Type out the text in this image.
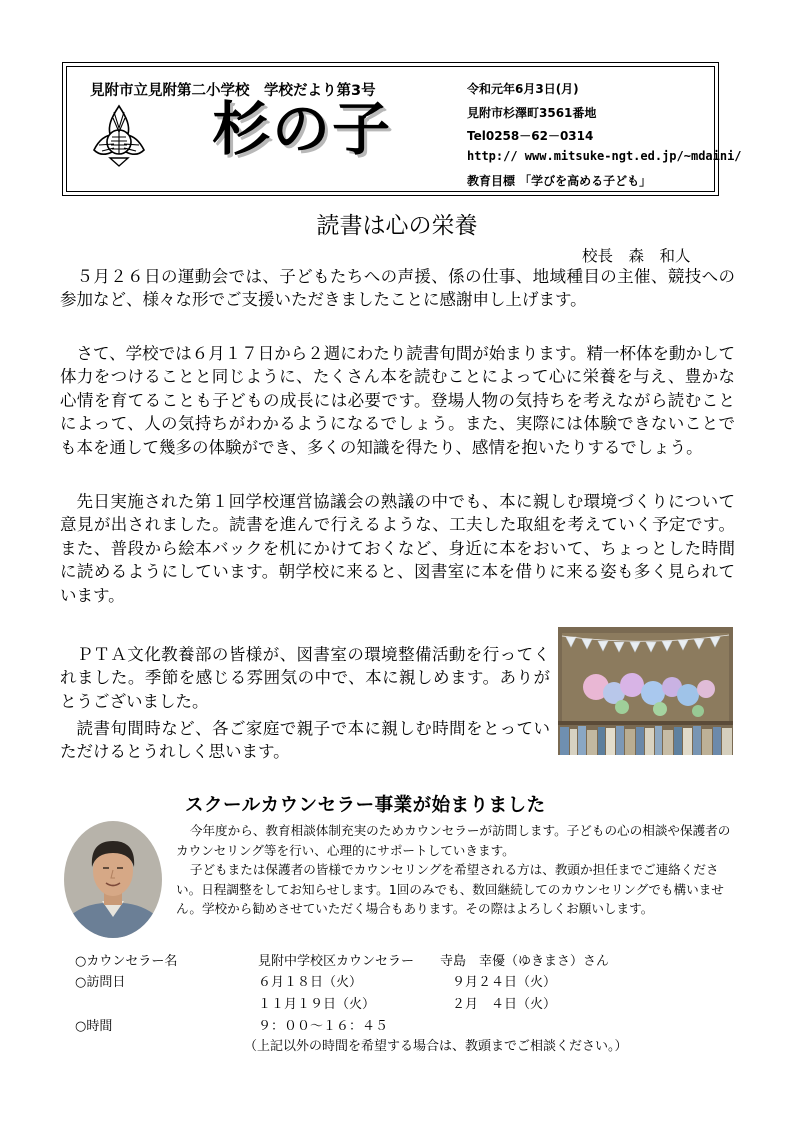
見附市立見附第二小学校　学校だより第3号
杉の子
令和元年6月3日(月)
見附市杉澤町3561番地
Tel0258－62－0314
http:// www.mitsuke-ngt.ed.jp/~mdaini/
教育目標 「学びを高める子ども」
読書は心の栄養
校長　森　和人

５月２６日の運動会では、子どもたちへの声援、係の仕事、地域種目の主催、競技への参加など、様々な形でご支援いただきましたことに感謝申し上げます。

さて、学校では６月１７日から２週にわたり読書旬間が始まります。精一杯体を動かして体力をつけることと同じように、たくさん本を読むことによって心に栄養を与え、豊かな心情を育てることも子どもの成長には必要です。登場人物の気持ちを考えながら読むことによって、人の気持ちがわかるようになるでしょう。また、実際には体験できないことでも本を通して幾多の体験ができ、多くの知識を得たり、感情を抱いたりするでしょう。

先日実施された第１回学校運営協議会の熟議の中でも、本に親しむ環境づくりについて意見が出されました。読書を進んで行えるような、工夫した取組を考えていく予定です。また、普段から絵本バックを机にかけておくなど、身近に本をおいて、ちょっとした時間に読めるようにしています。朝学校に来ると、図書室に本を借りに来る姿も多く見られています。

ＰＴＡ文化教養部の皆様が、図書室の環境整備活動を行ってくれました。季節を感じる雰囲気の中で、本に親しめます。ありがとうございました。

読書旬間時など、各ご家庭で親子で本に親しむ時間をとっていただけるとうれしく思います。

スクールカウンセラー事業が始まりました

今年度から、教育相談体制充実のためカウンセラーが訪問します。子どもの心の相談や保護者のカウンセリング等を行い、心理的にサポートしていきます。

子どもまたは保護者の皆様でカウンセリングを希望される方は、教頭か担任までご連絡ください。日程調整をしてお知らせします。1回のみでも、数回継続してのカウンセリングでも構いません。学校から勧めさせていただく場合もあります。その際はよろしくお願いします。

○カウンセラー名	見附中学校区カウンセラー　　寺島　幸優（ゆきまさ）さん
○訪問日	６月１８日（火）	９月２４日（火）
１１月１９日（火）	２月　４日（火）
○時間	９：００～１６：４５
（上記以外の時間を希望する場合は、教頭までご相談ください。）
